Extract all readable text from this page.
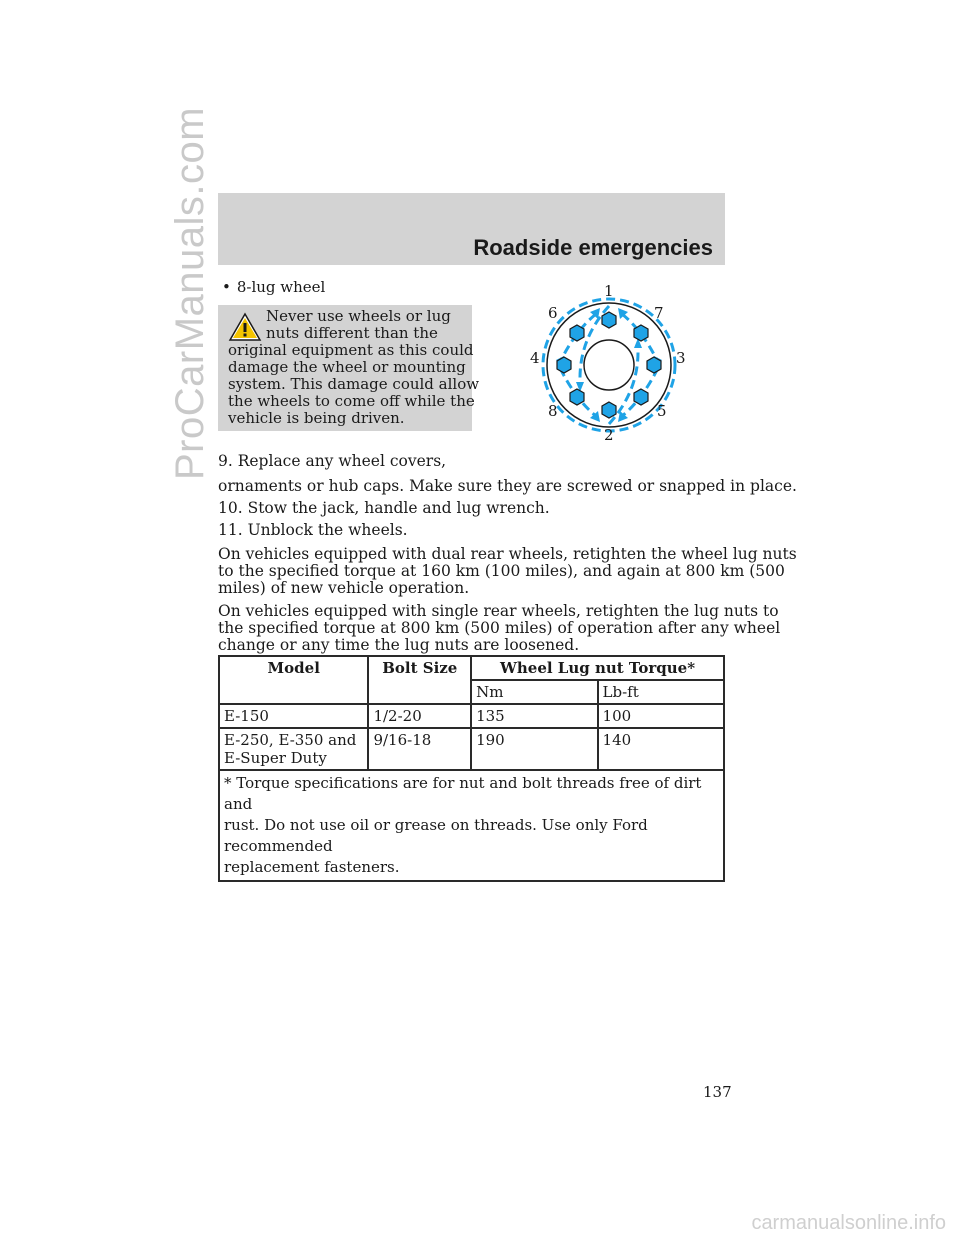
ProCarManuals.com	Roadside emergencies
• 8-lug wheel
Never use wheels or lug
nuts different than the
original equipment as this could
damage the wheel or mounting
system. This damage could allow
the wheels to come off while the
vehicle is being driven.
1
2
3
4
5
6	7
8
9. Replace any wheel covers,
ornaments or hub caps. Make sure they are screwed or snapped in place.
10. Stow the jack, handle and lug wrench.
11. Unblock the wheels.
On vehicles equipped with dual rear wheels, retighten the wheel lug nuts
to the specified torque at 160 km (100 miles), and again at 800 km (500
miles) of new vehicle operation.
On vehicles equipped with single rear wheels, retighten the lug nuts to
the specified torque at 800 km (500 miles) of operation after any wheel
change or any time the lug nuts are loosened.
Model	Bolt Size	Wheel Lug nut Torque*	
		Nm	Lb-ft
E-150	1/2-20	135	100

E-250, E-350 and
E-Super Duty	9/16-18	190	140

* Torque specifications are for nut and bolt threads free of dirt and
rust. Do not use oil or grease on threads. Use only Ford recommended
replacement fasteners.			
137
carmanualsonline.info
